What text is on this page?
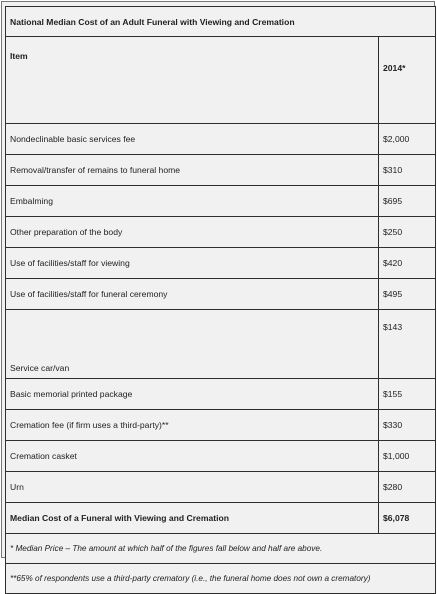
National Median Cost of an Adult Funeral with Viewing and Cremation	
Item	2014*
Nondeclinable basic services fee	$2,000
Removal/transfer of remains to funeral home	$310
Embalming	$695
Other preparation of the body	$250
Use of facilities/staff for viewing	$420
Use of facilities/staff for funeral ceremony	$495
Service car/van	$143
Basic memorial printed package	$155
Cremation fee (if firm uses a third-party)**	$330
Cremation casket	$1,000
Urn	$280
Median Cost of a Funeral with Viewing and Cremation	$6,078
* Median Price – The amount at which half of the figures fall below and half are above.	
**65% of respondents use a third-party crematory (i.e., the funeral home does not own a crematory)	
